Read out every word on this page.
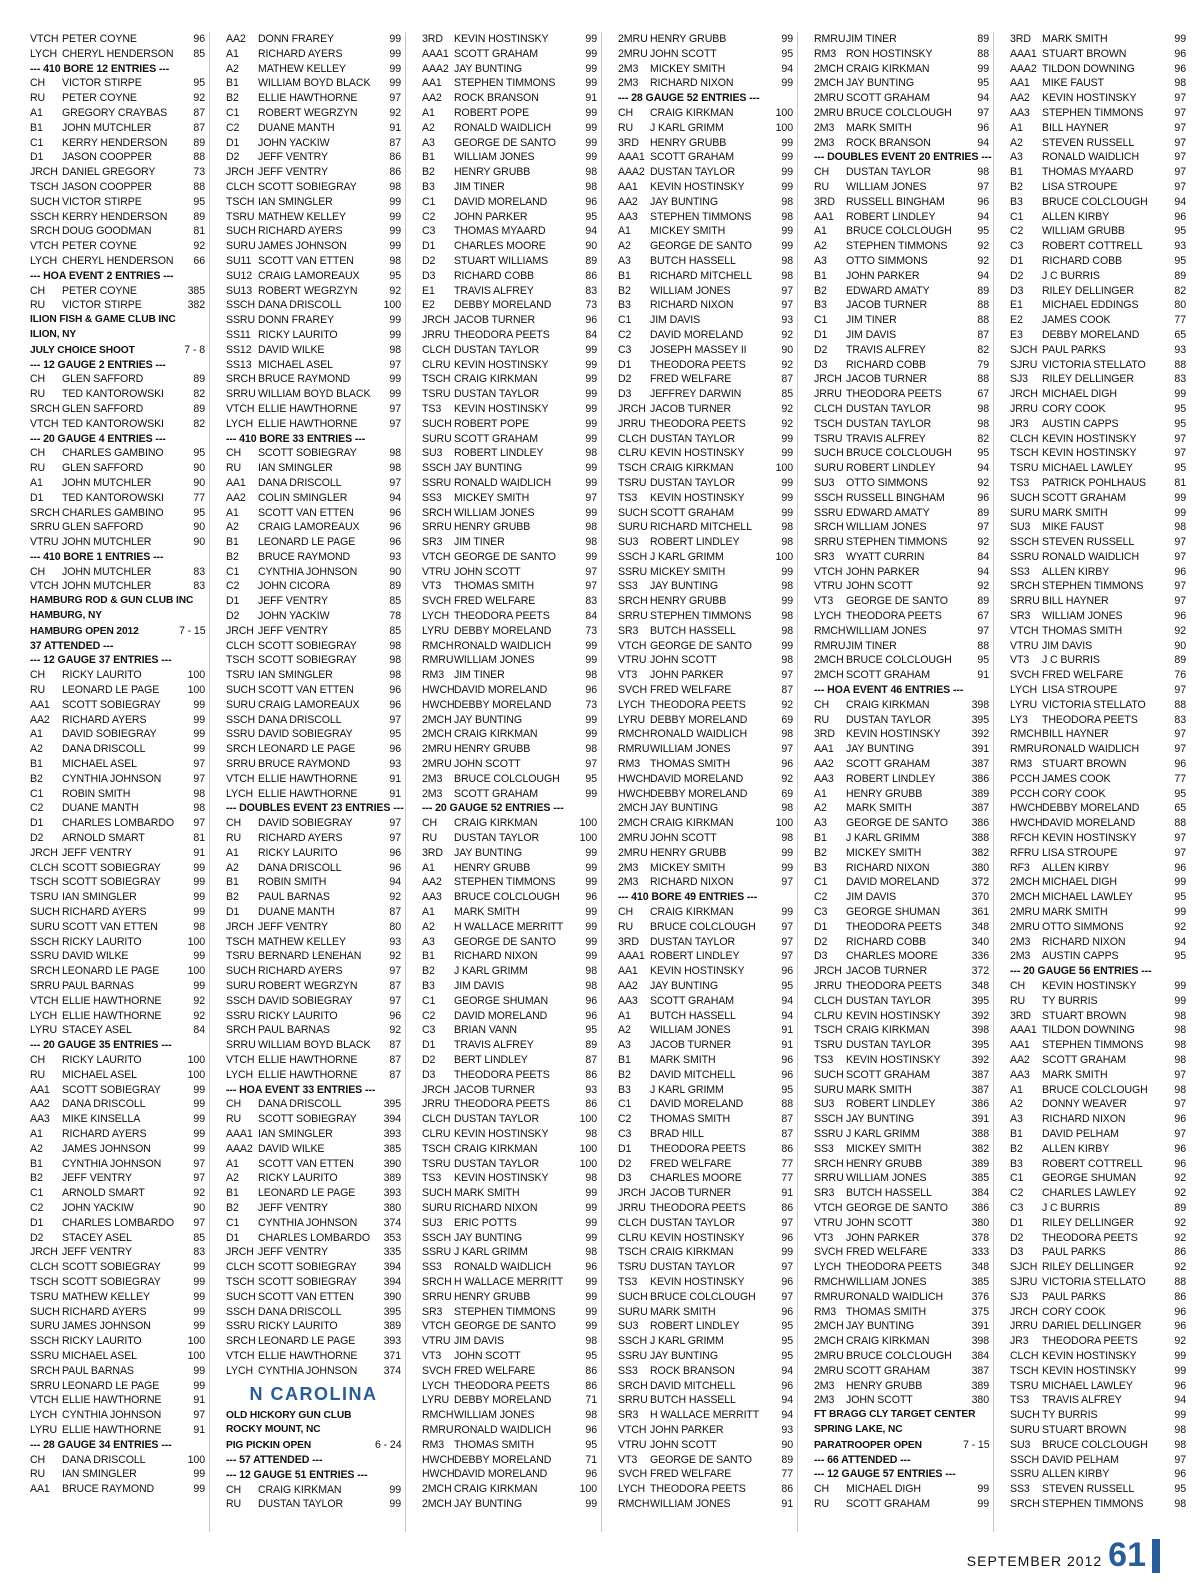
VTCH PETER COYNE	96
LYCH CHERYL HENDERSON	85
--- 410 BORE 12 ENTRIES ---
CH	VICTOR STIRPE	95
RU	PETER COYNE	92
A1	GREGORY CRAYBAS	87
B1	JOHN MUTCHLER	87
C1	KERRY HENDERSON	89
D1	JASON COOPPER	88
JRCH DANIEL GREGORY	73
TSCH JASON COOPPER	88
SUCH VICTOR STIRPE	95
SSCH KERRY HENDERSON	89
SRCH DOUG GOODMAN	81
VTCH PETER COYNE	92
LYCH CHERYL HENDERSON	66
--- HOA EVENT 2 ENTRIES ---
CH	PETER COYNE	385
RU	VICTOR STIRPE	382
ILION FISH & GAME CLUB INC
ILION, NY
JULY CHOICE SHOOT	7 - 8
--- 12 GAUGE 2 ENTRIES ---
CH	GLEN SAFFORD	89
RU	TED KANTOROWSKI	82
SRCH GLEN SAFFORD	89
VTCH TED KANTOROWSKI	82
--- 20 GAUGE 4 ENTRIES ---
CH	CHARLES GAMBINO	95
RU	GLEN SAFFORD	90
A1	JOHN MUTCHLER	90
D1	TED KANTOROWSKI	77
SRCH CHARLES GAMBINO	95
SRRU GLEN SAFFORD	90
VTRU JOHN MUTCHLER	90
--- 410 BORE 1 ENTRIES ---
CH	JOHN MUTCHLER	83
VTCH JOHN MUTCHLER	83
HAMBURG ROD & GUN CLUB INC
HAMBURG, NY
HAMBURG OPEN 2012	7 - 15
37 ATTENDED ---
--- 12 GAUGE 37 ENTRIES ---
CH	RICKY LAURITO	100
RU	LEONARD LE PAGE	100
AA1	SCOTT SOBIEGRAY	99
AA2	RICHARD AYERS	99
A1	DAVID SOBIEGRAY	99
A2	DANA DRISCOLL	99
B1	MICHAEL ASEL	97
B2	CYNTHIA JOHNSON	97
C1	ROBIN SMITH	98
C2	DUANE MANTH	98
D1	CHARLES LOMBARDO	97
D2	ARNOLD SMART	81
JRCH JEFF VENTRY	91
CLCH SCOTT SOBIEGRAY	99
TSCH SCOTT SOBIEGRAY	99
TSRU IAN SMINGLER	99
SUCH RICHARD AYERS	99
SURU SCOTT VAN ETTEN	98
SSCH RICKY LAURITO	100
SSRU DAVID WILKE	99
SRCH LEONARD LE PAGE	100
SRRU PAUL BARNAS	99
VTCH ELLIE HAWTHORNE	92
LYCH ELLIE HAWTHORNE	92
LYRU STACEY ASEL	84
--- 20 GAUGE 35 ENTRIES ---
CH	RICKY LAURITO	100
RU	MICHAEL ASEL	100
AA1	SCOTT SOBIEGRAY	99
AA2	DANA DRISCOLL	99
AA3	MIKE KINSELLA	99
A1	RICHARD AYERS	99
A2	JAMES JOHNSON	99
B1	CYNTHIA JOHNSON	97
B2	JEFF VENTRY	97
C1	ARNOLD SMART	92
C2	JOHN YACKIW	90
D1	CHARLES LOMBARDO	97
D2	STACEY ASEL	85
JRCH JEFF VENTRY	83
CLCH SCOTT SOBIEGRAY	99
TSCH SCOTT SOBIEGRAY	99
TSRU MATHEW KELLEY	99
SUCH RICHARD AYERS	99
SURU JAMES JOHNSON	99
SSCH RICKY LAURITO	100
SSRU MICHAEL ASEL	100
SRCH PAUL BARNAS	99
SRRU LEONARD LE PAGE	99
VTCH ELLIE HAWTHORNE	91
LYCH CYNTHIA JOHNSON	97
LYRU ELLIE HAWTHORNE	91
--- 28 GAUGE 34 ENTRIES ---
CH	DANA DRISCOLL	100
RU	IAN SMINGLER	99
AA1	BRUCE RAYMOND	99
AA2	DONN FRAREY	99
A1	RICHARD AYERS	99
A2	MATHEW KELLEY	99
B1	WILLIAM BOYD BLACK	99
B2	ELLIE HAWTHORNE	97
C1	ROBERT WEGRZYN	92
C2	DUANE MANTH	91
D1	JOHN YACKIW	87
D2	JEFF VENTRY	86
JRCH JEFF VENTRY	86
CLCH SCOTT SOBIEGRAY	98
TSCH IAN SMINGLER	99
TSRU MATHEW KELLEY	99
SUCH RICHARD AYERS	99
SURU JAMES JOHNSON	99
SU11 SCOTT VAN ETTEN	98
SU12 CRAIG LAMOREAUX	95
SU13 ROBERT WEGRZYN	92
SSCH DANA DRISCOLL	100
SSRU DONN FRAREY	99
SS11 RICKY LAURITO	99
SS12 DAVID WILKE	98
SS13 MICHAEL ASEL	97
SRCH BRUCE RAYMOND	99
SRRU WILLIAM BOYD BLACK	99
VTCH ELLIE HAWTHORNE	97
LYCH ELLIE HAWTHORNE	97
--- 410 BORE 33 ENTRIES ---
CH	SCOTT SOBIEGRAY	98
RU	IAN SMINGLER	98
AA1	DANA DRISCOLL	97
AA2	COLIN SMINGLER	94
A1	SCOTT VAN ETTEN	96
A2	CRAIG LAMOREAUX	96
B1	LEONARD LE PAGE	96
B2	BRUCE RAYMOND	93
C1	CYNTHIA JOHNSON	90
C2	JOHN CICORA	89
D1	JEFF VENTRY	85
D2	JOHN YACKIW	78
JRCH JEFF VENTRY	85
CLCH SCOTT SOBIEGRAY	98
TSCH SCOTT SOBIEGRAY	98
TSRU IAN SMINGLER	98
SUCH SCOTT VAN ETTEN	96
SURU CRAIG LAMOREAUX	96
SSCH DANA DRISCOLL	97
SSRU DAVID SOBIEGRAY	95
SRCH LEONARD LE PAGE	96
SRRU BRUCE RAYMOND	93
VTCH ELLIE HAWTHORNE	91
LYCH ELLIE HAWTHORNE	91
--- DOUBLES EVENT 23 ENTRIES ---
CH	DAVID SOBIEGRAY	97
RU	RICHARD AYERS	97
A1	RICKY LAURITO	96
A2	DANA DRISCOLL	96
B1	ROBIN SMITH	94
B2	PAUL BARNAS	92
D1	DUANE MANTH	87
JRCH JEFF VENTRY	80
TSCH MATHEW KELLEY	93
TSRU BERNARD LENEHAN	92
SUCH RICHARD AYERS	97
SURU ROBERT WEGRZYN	87
SSCH DAVID SOBIEGRAY	97
SSRU RICKY LAURITO	96
SRCH PAUL BARNAS	92
SRRU WILLIAM BOYD BLACK	87
VTCH ELLIE HAWTHORNE	87
LYCH ELLIE HAWTHORNE	87
--- HOA EVENT 33 ENTRIES ---
CH	DANA DRISCOLL	395
RU	SCOTT SOBIEGRAY	394
AAA1 IAN SMINGLER	393
AAA2 DAVID WILKE	385
A1	SCOTT VAN ETTEN	390
A2	RICKY LAURITO	389
B1	LEONARD LE PAGE	393
B2	JEFF VENTRY	380
C1	CYNTHIA JOHNSON	374
D1	CHARLES LOMBARDO	353
JRCH JEFF VENTRY	335
CLCH SCOTT SOBIEGRAY	394
TSCH SCOTT SOBIEGRAY	394
SUCH SCOTT VAN ETTEN	390
SSCH DANA DRISCOLL	395
SSRU RICKY LAURITO	389
SRCH LEONARD LE PAGE	393
VTCH ELLIE HAWTHORNE	371
LYCH CYNTHIA JOHNSON	374
N CAROLINA
OLD HICKORY GUN CLUB
ROCKY MOUNT, NC
PIG PICKIN OPEN	6 - 24
--- 57 ATTENDED ---
--- 12 GAUGE 51 ENTRIES ---
CH	CRAIG KIRKMAN	99
RU	DUSTAN TAYLOR	99
3RD	KEVIN HOSTINSKY	99
AAA1 SCOTT GRAHAM	99
AAA2 JAY BUNTING	99
AA1	STEPHEN TIMMONS	99
AA2	ROCK BRANSON	91
A1	ROBERT POPE	99
A2	RONALD WAIDLICH	99
A3	GEORGE DE SANTO	99
B1	WILLIAM JONES	99
B2	HENRY GRUBB	98
B3	JIM TINER	98
C1	DAVID MORELAND	96
C2	JOHN PARKER	95
C3	THOMAS MYAARD	94
D1	CHARLES MOORE	90
D2	STUART WILLIAMS	89
D3	RICHARD COBB	86
E1	TRAVIS ALFREY	83
E2	DEBBY MORELAND	73
JRCH JACOB TURNER	96
JRRU THEODORA PEETS	84
CLCH DUSTAN TAYLOR	99
CLRU KEVIN HOSTINSKY	99
TSCH CRAIG KIRKMAN	99
TSRU DUSTAN TAYLOR	99
TS3	KEVIN HOSTINSKY	99
SUCH ROBERT POPE	99
SURU SCOTT GRAHAM	99
SU3	ROBERT LINDLEY	98
SSCH JAY BUNTING	99
SSRU RONALD WAIDLICH	99
SS3	MICKEY SMITH	97
SRCH WILLIAM JONES	99
SRRU HENRY GRUBB	98
SR3	JIM TINER	98
VTCH GEORGE DE SANTO	99
VTRU JOHN SCOTT	97
VT3	THOMAS SMITH	97
SVCH FRED WELFARE	83
LYCH THEODORA PEETS	84
LYRU DEBBY MORELAND	73
RMCH RONALD WAIDLICH	99
RMRU WILLIAM JONES	99
RM3 JIM TINER	98
HWCH DAVID MORELAND	96
HWCH DEBBY MORELAND	73
2MCH JAY BUNTING	99
2MCH CRAIG KIRKMAN	99
2MRU HENRY GRUBB	98
2MRU JOHN SCOTT	97
2M3	BRUCE COLCLOUGH	95
2M3	SCOTT GRAHAM	99
--- 20 GAUGE 52 ENTRIES ---
CH	CRAIG KIRKMAN	100
RU	DUSTAN TAYLOR	100
3RD	JAY BUNTING	99
A1	HENRY GRUBB	99
AA2	STEPHEN TIMMONS	99
AA3	BRUCE COLCLOUGH	96
A1	MARK SMITH	99
A2	H WALLACE MERRITT	99
A3	GEORGE DE SANTO	99
B1	RICHARD NIXON	99
B2	J KARL GRIMM	98
B3	JIM DAVIS	98
C1	GEORGE SHUMAN	96
C2	DAVID MORELAND	96
C3	BRIAN VANN	95
D1	TRAVIS ALFREY	89
D2	BERT LINDLEY	87
D3	THEODORA PEETS	86
JRCH JACOB TURNER	93
JRRU THEODORA PEETS	86
CLCH DUSTAN TAYLOR	100
CLRU KEVIN HOSTINSKY	98
TSCH CRAIG KIRKMAN	100
TSRU DUSTAN TAYLOR	100
TS3	KEVIN HOSTINSKY	98
SUCH MARK SMITH	99
SURU RICHARD NIXON	99
SU3	ERIC POTTS	99
SSCH JAY BUNTING	99
SSRU J KARL GRIMM	98
SS3	RONALD WAIDLICH	96
SRCH H WALLACE MERRITT	99
SRRU HENRY GRUBB	99
SR3	STEPHEN TIMMONS	99
VTCH GEORGE DE SANTO	99
VTRU JIM DAVIS	98
VT3	JOHN SCOTT	95
SVCH FRED WELFARE	86
LYCH THEODORA PEETS	86
LYRU DEBBY MORELAND	71
RMCH WILLIAM JONES	98
RMRU RONALD WAIDLICH	96
RM3 THOMAS SMITH	95
HWCH DEBBY MORELAND	71
HWCH DAVID MORELAND	96
2MCH CRAIG KIRKMAN	100
2MCH JAY BUNTING	99
2MRU HENRY GRUBB	99
2MRU JOHN SCOTT	95
2M3	MICKEY SMITH	94
2M3	RICHARD NIXON	99
--- 28 GAUGE 52 ENTRIES ---
CH	CRAIG KIRKMAN	100
RU	J KARL GRIMM	100
3RD	HENRY GRUBB	99
AAA1 SCOTT GRAHAM	99
AAA2 DUSTAN TAYLOR	99
AA1	KEVIN HOSTINSKY	99
AA2	JAY BUNTING	98
AA3	STEPHEN TIMMONS	98
A1	MICKEY SMITH	99
A2	GEORGE DE SANTO	99
A3	BUTCH HASSELL	98
B1	RICHARD MITCHELL	98
B2	WILLIAM JONES	97
B3	RICHARD NIXON	97
C1	JIM DAVIS	93
C2	DAVID MORELAND	92
C3	JOSEPH MASSEY II	90
D1	THEODORA PEETS	92
D2	FRED WELFARE	87
D3	JEFFREY DARWIN	85
JRCH JACOB TURNER	92
JRRU THEODORA PEETS	92
CLCH DUSTAN TAYLOR	99
CLRU KEVIN HOSTINSKY	99
TSCH CRAIG KIRKMAN	100
TSRU DUSTAN TAYLOR	99
TS3	KEVIN HOSTINSKY	99
SUCH SCOTT GRAHAM	99
SURU RICHARD MITCHELL	98
SU3	ROBERT LINDLEY	98
SSCH J KARL GRIMM	100
SSRU MICKEY SMITH	99
SS3	JAY BUNTING	98
SRCH HENRY GRUBB	99
SRRU STEPHEN TIMMONS	98
SR3	BUTCH HASSELL	98
VTCH GEORGE DE SANTO	99
VTRU JOHN SCOTT	98
VT3	JOHN PARKER	97
SVCH FRED WELFARE	87
LYCH THEODORA PEETS	92
LYRU DEBBY MORELAND	69
RMCH RONALD WAIDLICH	98
RMRU WILLIAM JONES	97
RM3 THOMAS SMITH	96
HWCH DAVID MORELAND	92
HWCH DEBBY MORELAND	69
2MCH JAY BUNTING	98
2MCH CRAIG KIRKMAN	100
2MRU JOHN SCOTT	98
2MRU HENRY GRUBB	99
2M3	MICKEY SMITH	99
2M3	RICHARD NIXON	97
--- 410 BORE 49 ENTRIES ---
CH	CRAIG KIRKMAN	99
RU	BRUCE COLCLOUGH	97
3RD	DUSTAN TAYLOR	97
AAA1 ROBERT LINDLEY	97
AA1	KEVIN HOSTINSKY	96
AA2	JAY BUNTING	95
AA3	SCOTT GRAHAM	94
A1	BUTCH HASSELL	94
A2	WILLIAM JONES	91
A3	JACOB TURNER	91
B1	MARK SMITH	96
B2	DAVID MITCHELL	96
B3	J KARL GRIMM	95
C1	DAVID MORELAND	88
C2	THOMAS SMITH	87
C3	BRAD HILL	87
D1	THEODORA PEETS	86
D2	FRED WELFARE	77
D3	CHARLES MOORE	77
JRCH JACOB TURNER	91
JRRU THEODORA PEETS	86
CLCH DUSTAN TAYLOR	97
CLRU KEVIN HOSTINSKY	96
TSCH CRAIG KIRKMAN	99
TSRU DUSTAN TAYLOR	97
TS3	KEVIN HOSTINSKY	96
SUCH BRUCE COLCLOUGH	97
SURU MARK SMITH	96
SU3	ROBERT LINDLEY	95
SSCH J KARL GRIMM	95
SSRU JAY BUNTING	95
SS3	ROCK BRANSON	94
SRCH DAVID MITCHELL	96
SRRU BUTCH HASSELL	94
SR3	H WALLACE MERRITT	94
VTCH JOHN PARKER	93
VTRU JOHN SCOTT	90
VT3	GEORGE DE SANTO	89
SVCH FRED WELFARE	77
LYCH THEODORA PEETS	86
RMCH WILLIAM JONES	91
RMRU JIM TINER	89
RM3 RON HOSTINSKY	88
2MCH CRAIG KIRKMAN	99
2MCH JAY BUNTING	95
2MRU SCOTT GRAHAM	94
2MRU BRUCE COLCLOUGH	97
2M3	MARK SMITH	96
2M3	ROCK BRANSON	94
--- DOUBLES EVENT 20 ENTRIES ---
CH	DUSTAN TAYLOR	98
RU	WILLIAM JONES	97
3RD	RUSSELL BINGHAM	96
AA1	ROBERT LINDLEY	94
A1	BRUCE COLCLOUGH	95
A2	STEPHEN TIMMONS	92
A3	OTTO SIMMONS	92
B1	JOHN PARKER	94
B2	EDWARD AMATY	89
B3	JACOB TURNER	88
C1	JIM TINER	88
D1	JIM DAVIS	87
D2	TRAVIS ALFREY	82
D3	RICHARD COBB	79
JRCH JACOB TURNER	88
JRRU THEODORA PEETS	67
CLCH DUSTAN TAYLOR	98
TSCH DUSTAN TAYLOR	98
TSRU TRAVIS ALFREY	82
SUCH BRUCE COLCLOUGH	95
SURU ROBERT LINDLEY	94
SU3	OTTO SIMMONS	92
SSCH RUSSELL BINGHAM	96
SSRU EDWARD AMATY	89
SRCH WILLIAM JONES	97
SRRU STEPHEN TIMMONS	92
SR3	WYATT CURRIN	84
VTCH JOHN PARKER	94
VTRU JOHN SCOTT	92
VT3	GEORGE DE SANTO	89
LYCH THEODORA PEETS	67
RMCH WILLIAM JONES	97
RMRU JIM TINER	88
2MCH BRUCE COLCLOUGH	95
2MCH SCOTT GRAHAM	91
--- HOA EVENT 46 ENTRIES ---
CH	CRAIG KIRKMAN	398
RU	DUSTAN TAYLOR	395
3RD	KEVIN HOSTINSKY	392
AA1	JAY BUNTING	391
AA2	SCOTT GRAHAM	387
AA3	ROBERT LINDLEY	386
A1	HENRY GRUBB	389
A2	MARK SMITH	387
A3	GEORGE DE SANTO	386
B1	J KARL GRIMM	388
B2	MICKEY SMITH	382
B3	RICHARD NIXON	380
C1	DAVID MORELAND	372
C2	JIM DAVIS	370
C3	GEORGE SHUMAN	361
D1	THEODORA PEETS	348
D2	RICHARD COBB	340
D3	CHARLES MOORE	336
JRCH JACOB TURNER	372
JRRU THEODORA PEETS	348
CLCH DUSTAN TAYLOR	395
CLRU KEVIN HOSTINSKY	392
TSCH CRAIG KIRKMAN	398
TSRU DUSTAN TAYLOR	395
TS3	KEVIN HOSTINSKY	392
SUCH SCOTT GRAHAM	387
SURU MARK SMITH	387
SU3	ROBERT LINDLEY	386
SSCH JAY BUNTING	391
SSRU J KARL GRIMM	388
SS3	MICKEY SMITH	382
SRCH HENRY GRUBB	389
SRRU WILLIAM JONES	385
SR3	BUTCH HASSELL	384
VTCH GEORGE DE SANTO	386
VTRU JOHN SCOTT	380
VT3	JOHN PARKER	378
SVCH FRED WELFARE	333
LYCH THEODORA PEETS	348
RMCH WILLIAM JONES	385
RMRU RONALD WAIDLICH	376
RM3 THOMAS SMITH	375
2MCH JAY BUNTING	391
2MCH CRAIG KIRKMAN	398
2MRU BRUCE COLCLOUGH	384
2MRU SCOTT GRAHAM	387
2M3	HENRY GRUBB	389
2M3	JOHN SCOTT	380
FT BRAGG CLY TARGET CENTER
SPRING LAKE, NC
PARATROOPER OPEN	7 - 15
--- 66 ATTENDED ---
--- 12 GAUGE 57 ENTRIES ---
CH	MICHAEL DIGH	99
RU	SCOTT GRAHAM	99
3RD	MARK SMITH	99
AAA1 STUART BROWN	96
AAA2 TILDON DOWNING	96
AA1	MIKE FAUST	98
AA2	KEVIN HOSTINSKY	97
AA3	STEPHEN TIMMONS	97
A1	BILL HAYNER	97
A2	STEVEN RUSSELL	97
A3	RONALD WAIDLICH	97
B1	THOMAS MYAARD	97
B2	LISA STROUPE	97
B3	BRUCE COLCLOUGH	94
C1	ALLEN KIRBY	96
C2	WILLIAM GRUBB	95
C3	ROBERT COTTRELL	93
D1	RICHARD COBB	95
D2	J C BURRIS	89
D3	RILEY DELLINGER	82
E1	MICHAEL EDDINGS	80
E2	JAMES COOK	77
E3	DEBBY MORELAND	65
SJCH PAUL PARKS	93
SJRU VICTORIA STELLATO	88
SJ3	RILEY DELLINGER	83
JRCH MICHAEL DIGH	99
JRRU CORY COOK	95
JR3	AUSTIN CAPPS	95
CLCH KEVIN HOSTINSKY	97
TSCH KEVIN HOSTINSKY	97
TSRU MICHAEL LAWLEY	95
TS3	PATRICK POHLHAUS	81
SUCH SCOTT GRAHAM	99
SURU MARK SMITH	99
SU3	MIKE FAUST	98
SSCH STEVEN RUSSELL	97
SSRU RONALD WAIDLICH	97
SS3	ALLEN KIRBY	96
SRCH STEPHEN TIMMONS	97
SRRU BILL HAYNER	97
SR3	WILLIAM JONES	96
VTCH THOMAS SMITH	92
VTRU JIM DAVIS	90
VT3	J C BURRIS	89
SVCH FRED WELFARE	76
LYCH LISA STROUPE	97
LYRU VICTORIA STELLATO	88
LY3	THEODORA PEETS	83
RMCH BILL HAYNER	97
RMRU RONALD WAIDLICH	97
RM3 STUART BROWN	96
PCCH JAMES COOK	77
PCCH CORY COOK	95
HWCH DEBBY MORELAND	65
HWCH DAVID MORELAND	88
RFCH KEVIN HOSTINSKY	97
RFRU LISA STROUPE	97
RF3	ALLEN KIRBY	96
2MCH MICHAEL DIGH	99
2MCH MICHAEL LAWLEY	95
2MRU MARK SMITH	99
2MRU OTTO SIMMONS	92
2M3	RICHARD NIXON	94
2M3	AUSTIN CAPPS	95
--- 20 GAUGE 56 ENTRIES ---
CH	KEVIN HOSTINSKY	99
RU	TY BURRIS	99
3RD	STUART BROWN	98
AAA1 TILDON DOWNING	98
AA1	STEPHEN TIMMONS	98
AA2	SCOTT GRAHAM	98
AA3	MARK SMITH	97
A1	BRUCE COLCLOUGH	98
A2	DONNY WEAVER	97
A3	RICHARD NIXON	96
B1	DAVID PELHAM	97
B2	ALLEN KIRBY	96
B3	ROBERT COTTRELL	96
C1	GEORGE SHUMAN	92
C2	CHARLES LAWLEY	92
C3	J C BURRIS	89
D1	RILEY DELLINGER	92
D2	THEODORA PEETS	92
D3	PAUL PARKS	86
SJCH RILEY DELLINGER	92
SJRU VICTORIA STELLATO	88
SJ3	PAUL PARKS	86
JRCH CORY COOK	96
JRRU DARIEL DELLINGER	96
JR3	THEODORA PEETS	92
CLCH KEVIN HOSTINSKY	99
TSCH KEVIN HOSTINSKY	99
TSRU MICHAEL LAWLEY	96
TS3	TRAVIS ALFREY	94
SUCH TY BURRIS	99
SURU STUART BROWN	98
SU3	BRUCE COLCLOUGH	98
SSCH DAVID PELHAM	97
SSRU ALLEN KIRBY	96
SS3	STEVEN RUSSELL	95
SRCH STEPHEN TIMMONS	98
SEPTEMBER 2012 61
